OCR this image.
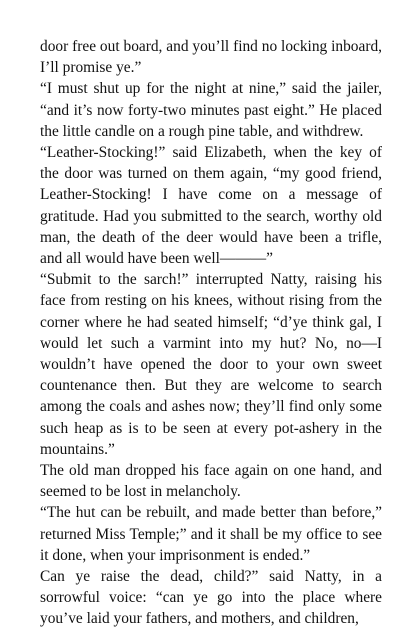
door free out board, and you’ll find no locking inboard, I’ll promise ye.”

“I must shut up for the night at nine,” said the jailer, “and it’s now forty-two minutes past eight.” He placed the little candle on a rough pine table, and withdrew.

“Leather-Stocking!” said Elizabeth, when the key of the door was turned on them again, “my good friend, Leather-Stocking! I have come on a message of gratitude. Had you submitted to the search, worthy old man, the death of the deer would have been a trifle, and all would have been well———”

“Submit to the sarch!” interrupted Natty, raising his face from resting on his knees, without rising from the corner where he had seated himself; “d’ye think gal, I would let such a varmint into my hut? No, no—I wouldn’t have opened the door to your own sweet countenance then. But they are welcome to search among the coals and ashes now; they’ll find only some such heap as is to be seen at every pot-ashery in the mountains.”

The old man dropped his face again on one hand, and seemed to be lost in melancholy.

“The hut can be rebuilt, and made better than before,” returned Miss Temple;” and it shall be my office to see it done, when your imprisonment is ended.”

Can ye raise the dead, child?” said Natty, in a sorrowful voice: “can ye go into the place where you’ve laid your fathers, and mothers, and children,
